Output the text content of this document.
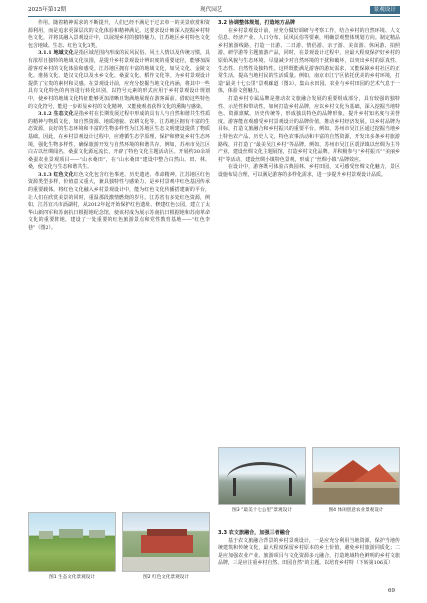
2025年第12期	现代园艺	景观设计

作用。随着精神需求的不断提升，人们已经不满足于过去单一的美景欣赏和资源利用，而是追求更深层次的文化体验和精神满足。这要求设计师深入挖掘乡村特色文化，并将其融入景观设计中，以展现乡村的独特魅力。江苏地区乡村特色文化包含地域、生态、红色文化3类。

3.1.1 地域文化是指区域范围内形成的民风民俗、风土人情以及传统习惯，具有浓厚且独特的地域文化氛围，是提升乡村景观设计辨识度的重要途径，能够加深游客对乡村的文化体验和感受。江苏地区拥有丰富的地域文化，如吴文化、金陵文化、淮扬文化、楚汉文化以及水乡文化、桑蚕文化、稻作文化等。为乡村景观设计提供了宝贵的素材和灵感。在景观设计前，应充分挖掘当地文化内涵，将其中一些具有文化特色的内容进行转化识别，以符号元素的形式应用于乡村景观设计规划中，使乡村的地域文化特征能够更加清晰且饱满地展现在游客面前。借助这些特色的文化符号，能进一步彰显乡村的文化精神，又能使观者获得文化的熏陶与感染。

3.1.2 生态文化是指乡村在长期发展过程中形成的具有人与自然和谐共生性质的精神与物质文化，如自然资源、地质地貌、农耕文化等。江苏地区拥有丰富的生态资源，良好的生态环境和丰富的生物多样性为江苏地区生态文明建设提供了物质基础。因此，在乡村景观设计过程中，应遵循生态学原理，保护和修复乡村生态环境，强化生物多样性，确保旅游开发与自然环境的和谐共存。例如，苏州市吴江区白古以丝绸闻名，桑蚕文化源远流长，开辟了特色文化主题活动区。开展约30余项桑蚕农业景观项目——“山水桑田”，在“山水桑田”建设中整合白然山、田、林、桑，使文化与生态和谐共生。

3.1.3 红色文化红色文化包含红色事迹、历史遗迹、革命精神。江苏地区红色资源类型多样，价值意义重大，兼具独特性与感染力，是乡村景观中红色基因传承的重要载体。将红色文化融入乡村景观设计中，能为红色文化传播搭建新的平台，让人们在欣赏美景的同时，重温那段激情燃烧的岁月。江苏省有多处红色资源，例如，江苏宜兴市滆湖村，从2012年起开始保护红色遗址、修建红色公园，建立了太华山新四军和苏南抗日根据地纪念馆，使该村成为展示苏南抗日根据地和苏南革命文化的重要阵地，建设了一处重要的红色旅游景点和党性教育基地——“红色李巷”（图2）。

图1 生态文化景观设计	图2 红色文化景观设计
3.2 协调整体规划，打造地方品牌

在乡村景观设计前，应充分做好调研与考察工作，结合乡村的自然环境、人文信息、经济产业、人口分布、民风民俗等要素，明确景观整体规划方向。制定精品乡村旅游线路，打造一日游、二日游、情侣游、亲子游、美食游、休闲游、拍照游、研学游等主题旅游产品，同时，在景观设计过程中，应最大程度保护好乡村的原始风貌与生态环境，尽量减少对自然环境的干扰和破坏，以突出乡村的原真性、生态性、自然性及独特性。这样既能满足游客的游玩需求，又能保障乡村社区的正常生活，提高当地村民的生活质量。例如，南京市江宁区依托优美的乡村环境，打造“最美十七公里”景观廊道（图3），集山水田园、农业与乡村田园的艺术气息于一体，体验文创魅力。

打造乡村专属品牌是推动农文旅融合发展的重要组成部分，具有较强的独特性、示范性和带动性。如何打造乡村品牌，应以乡村文化为基础，深入挖掘当地特色、资源禀赋、历史传统等，形成独具特色的品牌形象，提升乡村知名度与美誉度。游客能直观感受乡村景观设计的品牌价值，推动乡村经济发展。以乡村品牌为目标，打造文旅融合和乡村振兴的重要平台。例如，苏州市吴江区通过挖掘当地乡土特色农产品、历史人文、特色农事活动和丰富的自然资源，开发出多条乡村旅游路线，并打造了“最美吴江乡村”等品牌。例如，苏州市吴江区震泽镇以丝绸为主导产业，建设丝绸文化主题展馆，打造乡村文化品牌。并积极参与“乡村振兴”“美丽乡村”等活动，建设丝绸小镇特色景观，形成了“丝绸小镇”品牌效应。

在设计中，游客既可体验古典园林、乡村田园，又可感受丝绸文化魅力，景区设施布局合理，可以满足游客的多样化需求，进一步提升乡村景观设计品质。

图3 “最美十七公里”景观设计	图4 体闲创意农业景观设计
3.3 农文旅融合，加强三者融合

基于农文旅融合背景的乡村景观设计，一是应充分利用当地资源，保护当地传统建筑和传统文化，最大程度保留乡村原本的乡土价值，避免乡村旅游同质化；二是应加强农业产业、旅游项目与文化资源多元融合，打造地域特色鲜明的乡村文旅品牌，三是应注重乡村自然、田园自然”的主题。以培育乡村特（下转第106页）

69
